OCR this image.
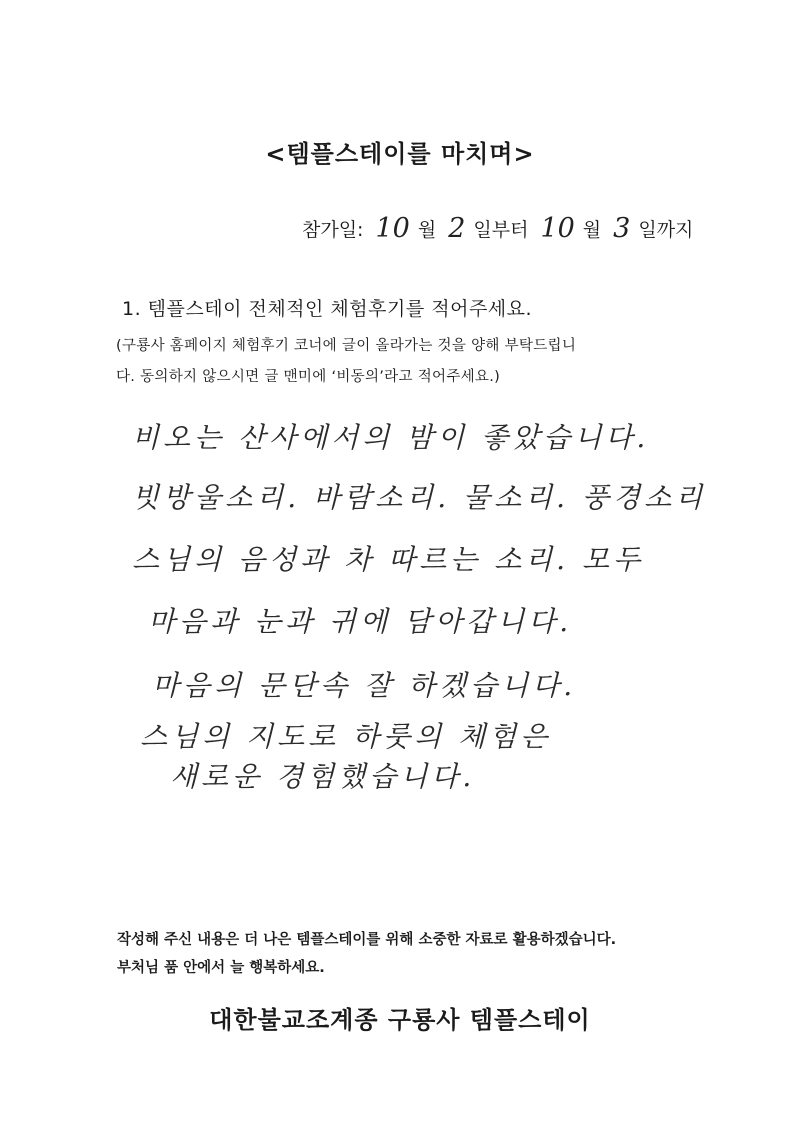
<템플스테이를 마치며>
참가일: 10 월 2 일부터 10 월 3 일까지
1. 템플스테이 전체적인 체험후기를 적어주세요.
(구룡사 홈페이지 체험후기 코너에 글이 올라가는 것을 양해 부탁드립니
다. 동의하지 않으시면 글 맨미에 ‘비동의’라고 적어주세요.)
비오는 산사에서의 밤이 좋았습니다.
빗방울소리. 바람소리. 물소리. 풍경소리
스님의 음성과 차 따르는 소리. 모두
마음과 눈과 귀에 담아갑니다.
마음의 문단속 잘 하겠습니다.
스님의 지도로 하룻의 체험은
새로운 경험했습니다.
작성해 주신 내용은 더 나은 템플스테이를 위해 소중한 자료로 활용하겠습니다.
부처님 품 안에서 늘 행복하세요.
대한불교조계종 구룡사 템플스테이
